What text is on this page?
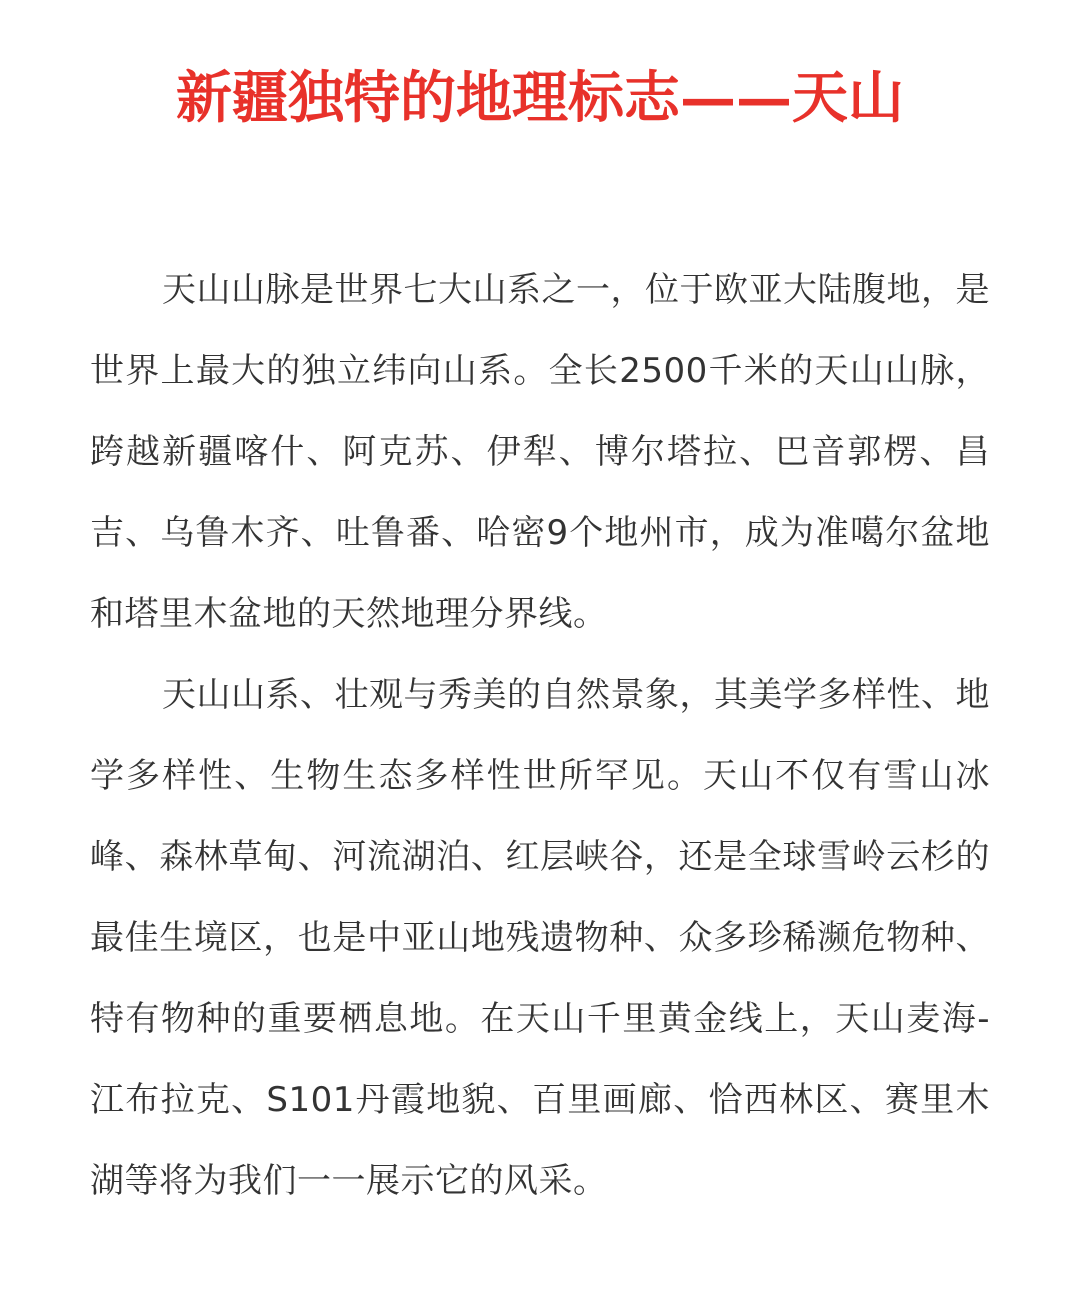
新疆独特的地理标志——天山

天山山脉是世界七大山系之一，位于欧亚大陆腹地，是世界上最大的独立纬向山系。全长2500千米的天山山脉，跨越新疆喀什、阿克苏、伊犁、博尔塔拉、巴音郭楞、昌吉、乌鲁木齐、吐鲁番、哈密9个地州市，成为准噶尔盆地和塔里木盆地的天然地理分界线。

天山山系、壮观与秀美的自然景象，其美学多样性、地学多样性、生物生态多样性世所罕见。天山不仅有雪山冰峰、森林草甸、河流湖泊、红层峡谷，还是全球雪岭云杉的最佳生境区，也是中亚山地残遗物种、众多珍稀濒危物种、特有物种的重要栖息地。在天山千里黄金线上，天山麦海-江布拉克、S101丹霞地貌、百里画廊、恰西林区、赛里木湖等将为我们一一展示它的风采。
